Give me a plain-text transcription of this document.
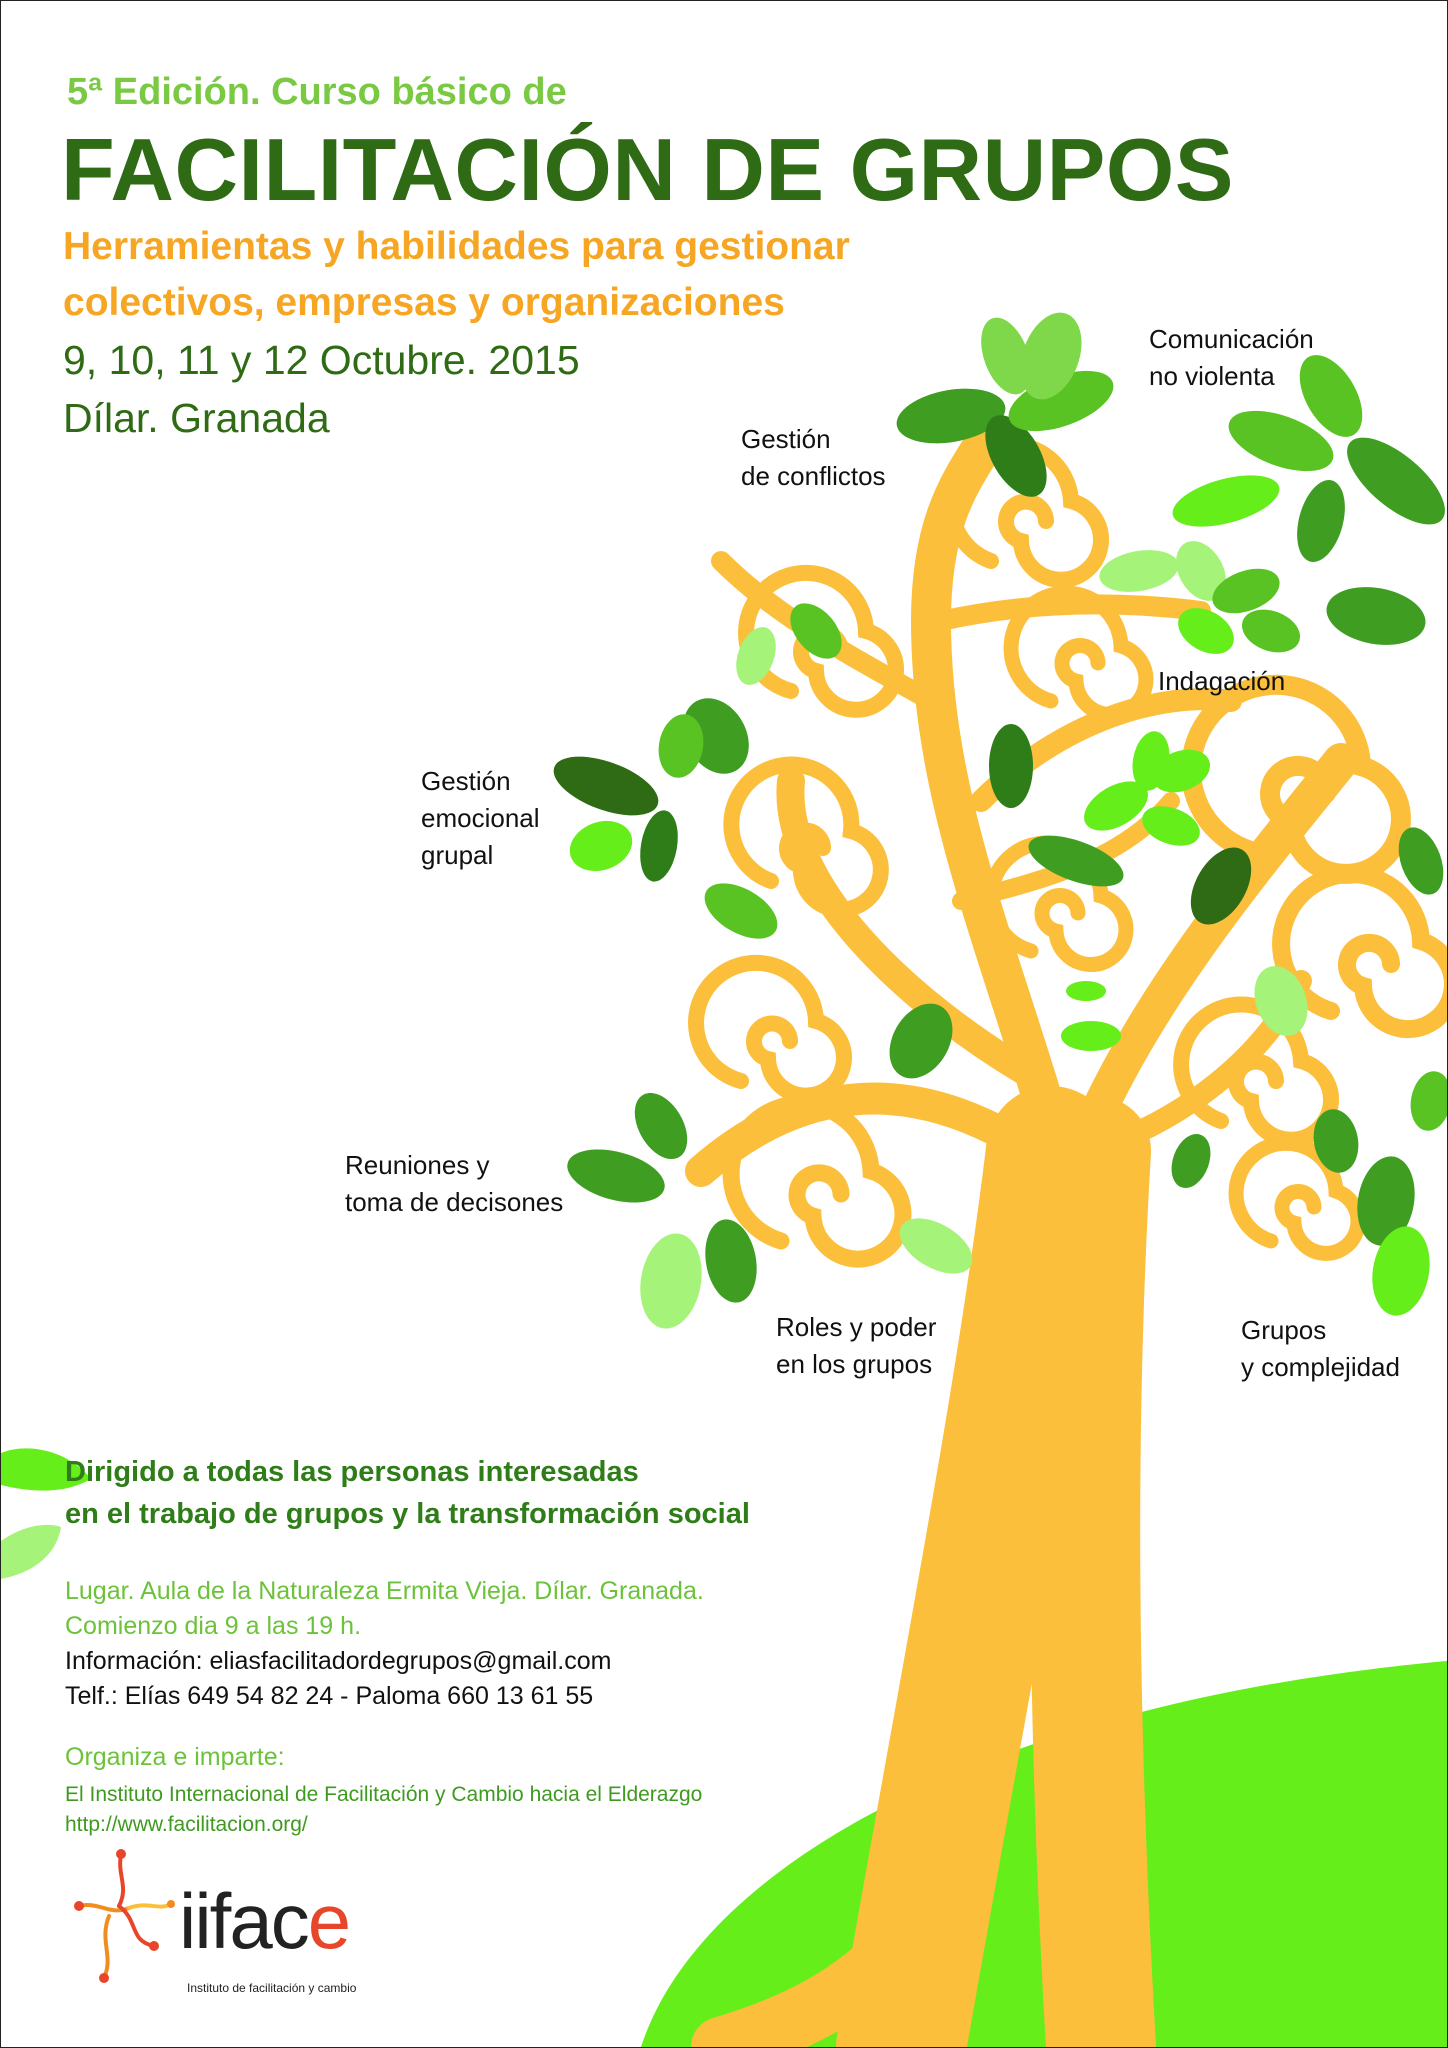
5ª Edición. Curso básico de
FACILITACIÓN DE GRUPOS
Herramientas y habilidades para gestionar
colectivos, empresas y organizaciones
9, 10, 11 y 12 Octubre. 2015
Dílar. Granada
Comunicación
no violenta
Gestión
de conflictos
Indagación
Gestión
emocional
grupal
Reuniones y
toma de decisones
Roles y poder
en los grupos
Grupos
y complejidad
Dirigido a todas las personas interesadas
en el trabajo de grupos y la transformación social
Lugar. Aula de la Naturaleza Ermita Vieja. Dílar. Granada.
Comienzo dia 9 a las 19 h.
Información: eliasfacilitadordegrupos@gmail.com
Telf.: Elías 649 54 82 24 - Paloma 660 13 61 55
Organiza e imparte:
El Instituto Internacional de Facilitación y Cambio hacia el Elderazgo
http://www.facilitacion.org/
iiface
Instituto de facilitación y cambio
